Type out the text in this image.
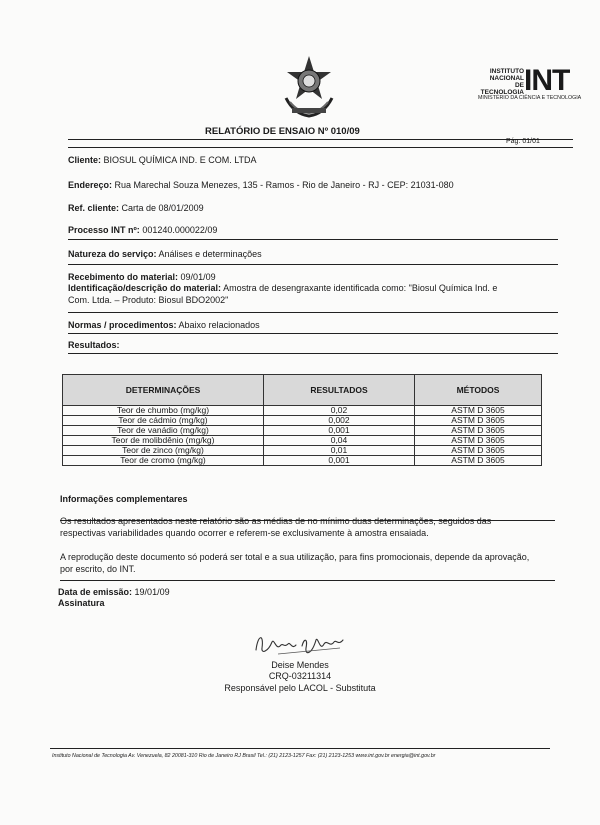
INSTITUTO
NACIONAL DE
TECNOLOGIA INT
MINISTÉRIO DA CIÊNCIA E TECNOLOGIA
RELATÓRIO DE ENSAIO Nº 010/09
Pág. 01/01
Cliente: BIOSUL QUÍMICA IND. E COM. LTDA
Endereço: Rua Marechal Souza Menezes, 135 - Ramos - Rio de Janeiro - RJ - CEP: 21031-080
Ref. cliente: Carta de 08/01/2009
Processo INT nº: 001240.000022/09
Natureza do serviço: Análises e determinações
Recebimento do material: 09/01/09
Identificação/descrição do material: Amostra de desengraxante identificada como: "Biosul Química Ind. e
Com. Ltda. – Produto: Biosul BDO2002"
Normas / procedimentos: Abaixo relacionados
Resultados:
DETERMINAÇÕES	RESULTADOS	MÉTODOS
Teor de chumbo (mg/kg)	0,02	ASTM D 3605
Teor de cádmio (mg/kg)	0,002	ASTM D 3605
Teor de vanádio (mg/kg)	0,001	ASTM D 3605
Teor de molibdênio (mg/kg)	0,04	ASTM D 3605
Teor de zinco (mg/kg)	0,01	ASTM D 3605
Teor de cromo (mg/kg)	0,001	ASTM D 3605
Informações complementares
Os resultados apresentados neste relatório são as médias de no mínimo duas determinações, seguidos das respectivas variabilidades quando ocorrer e referem-se exclusivamente à amostra ensaiada.
A reprodução deste documento só poderá ser total e a sua utilização, para fins promocionais, depende da aprovação, por escrito, do INT.
Data de emissão: 19/01/09
Assinatura
Deise Mendes
CRQ-03211314
Responsável pelo LACOL - Substituta
Instituto Nacional de Tecnologia Av. Venezuela, 82 20081-310 Rio de Janeiro RJ Brasil Tel.: (21) 2123-1257 Fax: (21) 2123-1253 www.int.gov.br energia@int.gov.br
